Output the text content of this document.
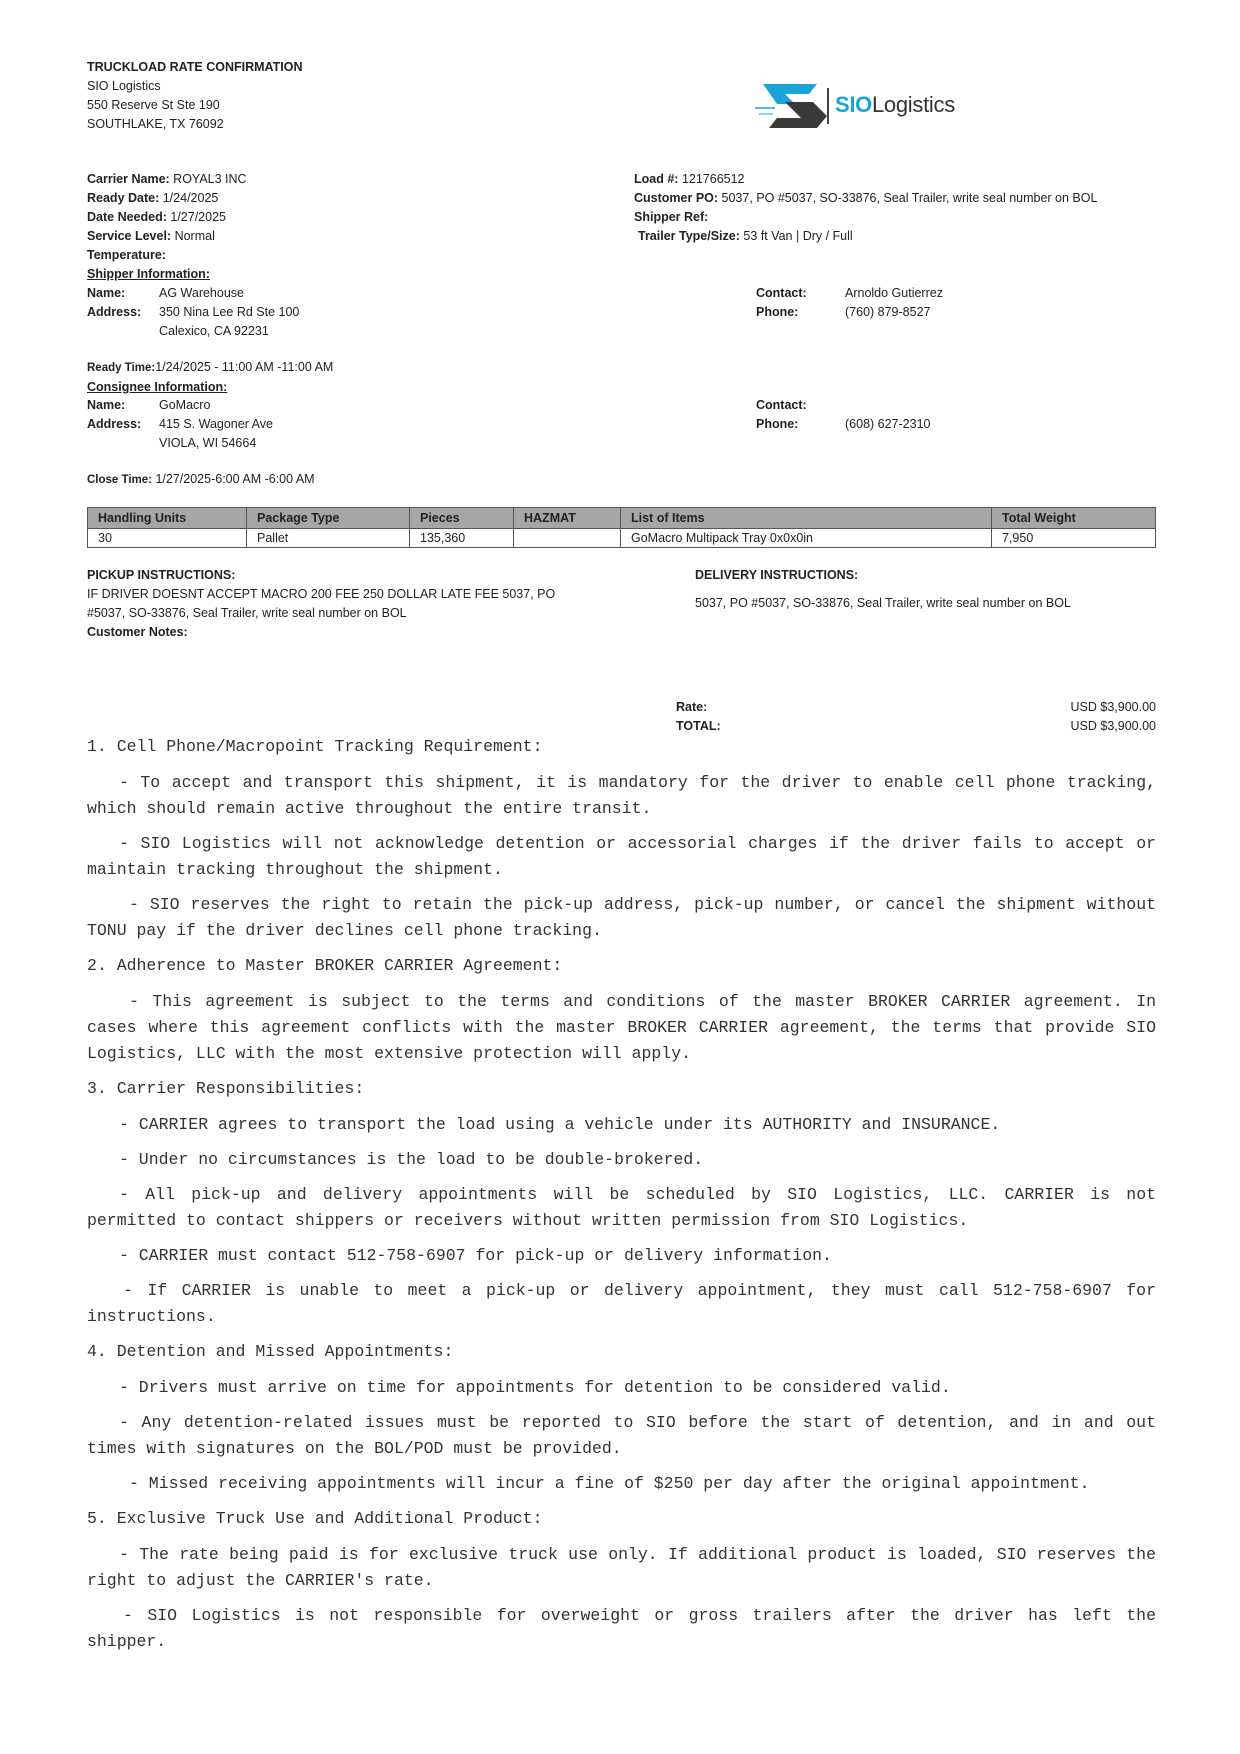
TRUCKLOAD RATE CONFIRMATION
SIO Logistics
550 Reserve St Ste 190
SOUTHLAKE, TX 76092
SIOLogistics
Carrier Name: ROYAL3 INC
Ready Date: 1/24/2025
Date Needed: 1/27/2025
Service Level: Normal
Temperature:
Shipper Information:
Load #: 121766512
Customer PO: 5037, PO #5037, SO-33876, Seal Trailer, write seal number on BOL
Shipper Ref:
Trailer Type/Size: 53 ft Van | Dry / Full
Name:	AG Warehouse
Address: 350 Nina Lee Rd Ste 100
Calexico, CA 92231
Contact:	Arnoldo Gutierrez
Phone:	(760) 879-8527
Ready Time:1/24/2025 - 11:00 AM -11:00 AM
Consignee Information:
Name:	GoMacro
Address: 415 S. Wagoner Ave
VIOLA, WI 54664
Contact:
Phone:	(608) 627-2310
Close Time: 1/27/2025-6:00 AM -6:00 AM
Handling Units	Package Type	Pieces	HAZMAT	List of Items	Total Weight
30	Pallet	135,360		GoMacro Multipack Tray 0x0x0in	7,950
PICKUP INSTRUCTIONS:
IF DRIVER DOESNT ACCEPT MACRO 200 FEE 250 DOLLAR LATE FEE 5037, PO
#5037, SO-33876, Seal Trailer, write seal number on BOL
Customer Notes:
DELIVERY INSTRUCTIONS:
5037, PO #5037, SO-33876, Seal Trailer, write seal number on BOL
Rate:	USD $3,900.00
TOTAL:	USD $3,900.00
1. Cell Phone/Macropoint Tracking Requirement:
- To accept and transport this shipment, it is mandatory for the driver to enable cell phone tracking, which should remain active throughout the entire transit.
- SIO Logistics will not acknowledge detention or accessorial charges if the driver fails to accept or maintain tracking throughout the shipment.
- SIO reserves the right to retain the pick-up address, pick-up number, or cancel the shipment without TONU pay if the driver declines cell phone tracking.
2. Adherence to Master BROKER CARRIER Agreement:
- This agreement is subject to the terms and conditions of the master BROKER CARRIER agreement. In cases where this agreement conflicts with the master BROKER CARRIER agreement, the terms that provide SIO Logistics, LLC with the most extensive protection will apply.
3. Carrier Responsibilities:
- CARRIER agrees to transport the load using a vehicle under its AUTHORITY and INSURANCE.
- Under no circumstances is the load to be double-brokered.
- All pick-up and delivery appointments will be scheduled by SIO Logistics, LLC. CARRIER is not permitted to contact shippers or receivers without written permission from SIO Logistics.
- CARRIER must contact 512-758-6907 for pick-up or delivery information.
- If CARRIER is unable to meet a pick-up or delivery appointment, they must call 512-758-6907 for instructions.
4. Detention and Missed Appointments:
- Drivers must arrive on time for appointments for detention to be considered valid.
- Any detention-related issues must be reported to SIO before the start of detention, and in and out times with signatures on the BOL/POD must be provided.
- Missed receiving appointments will incur a fine of $250 per day after the original appointment.
5. Exclusive Truck Use and Additional Product:
- The rate being paid is for exclusive truck use only. If additional product is loaded, SIO reserves the right to adjust the CARRIER's rate.
- SIO Logistics is not responsible for overweight or gross trailers after the driver has left the shipper.
